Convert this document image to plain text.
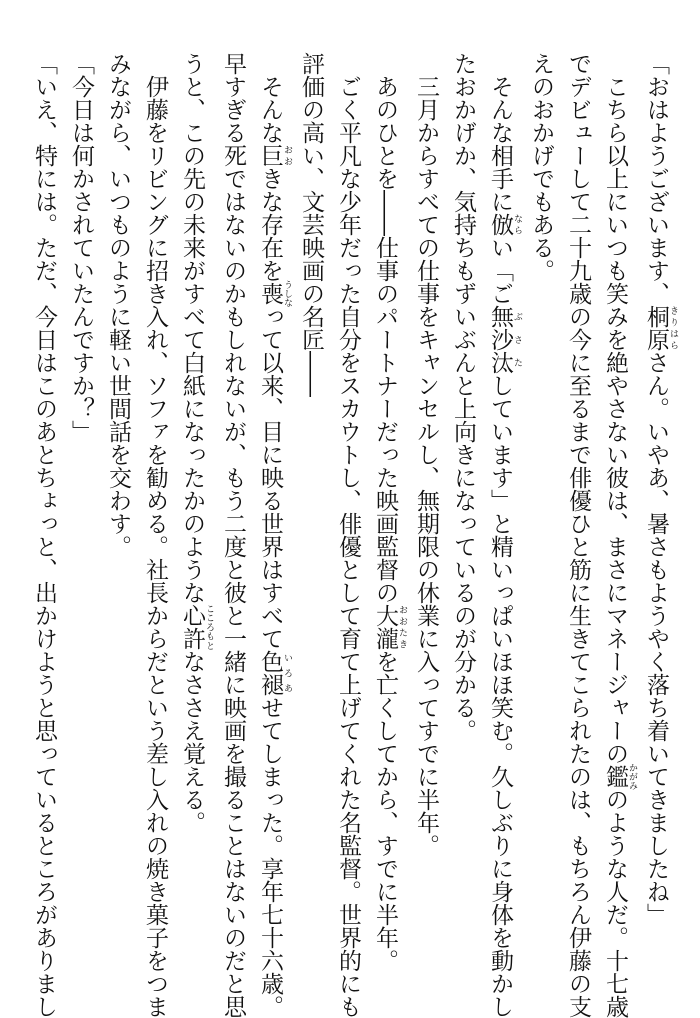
「おはようございます、桐原 きりはらさん。いやあ、暑さもようやく落ち着いてきましたね」
　こちら以上にいつも笑みを絶やさない彼は、まさにマネージャーの鑑 かがみのような人だ。十七歳
でデビューして二十九歳の今に至るまで俳優ひと筋に生きてこられたのは、もちろん伊藤の支
えのおかげでもある。
　そんな相手に倣 ならい「ご無沙汰 ぶさたしています」と精いっぱいほほ笑む。久しぶりに身体を動かし
たおかげか、気持ちもずいぶんと上向きになっているのが分かる。
　三月からすべての仕事をキャンセルし、無期限の休業に入ってすでに半年。
　あのひとを――仕事のパートナーだった映画監督の大瀧 おおたきを亡くしてから、すでに半年。
　ごく平凡な少年だった自分をスカウトし、俳優として育て上げてくれた名監督。世界的にも
評価の高い、文芸映画の名匠――
　そんな巨 おおきな存在を喪 うしなって以来、目に映る世界はすべて色褪 いろあせてしまった。享年七十六歳。
早すぎる死ではないのかもしれないが、もう二度と彼と一緒に映画を撮ることはないのだと思
うと、この先の未来がすべて白紙になったかのような心許 こころもとなささえ覚える。
　伊藤をリビングに招き入れ、ソファを勧める。社長からだという差し入れの焼き菓子をつま
みながら、いつものように軽い世間話を交わす。
「今日は何かされていたんですか？」
「いえ、特には。ただ、今日はこのあとちょっと、出かけようと思っているところがありまし
